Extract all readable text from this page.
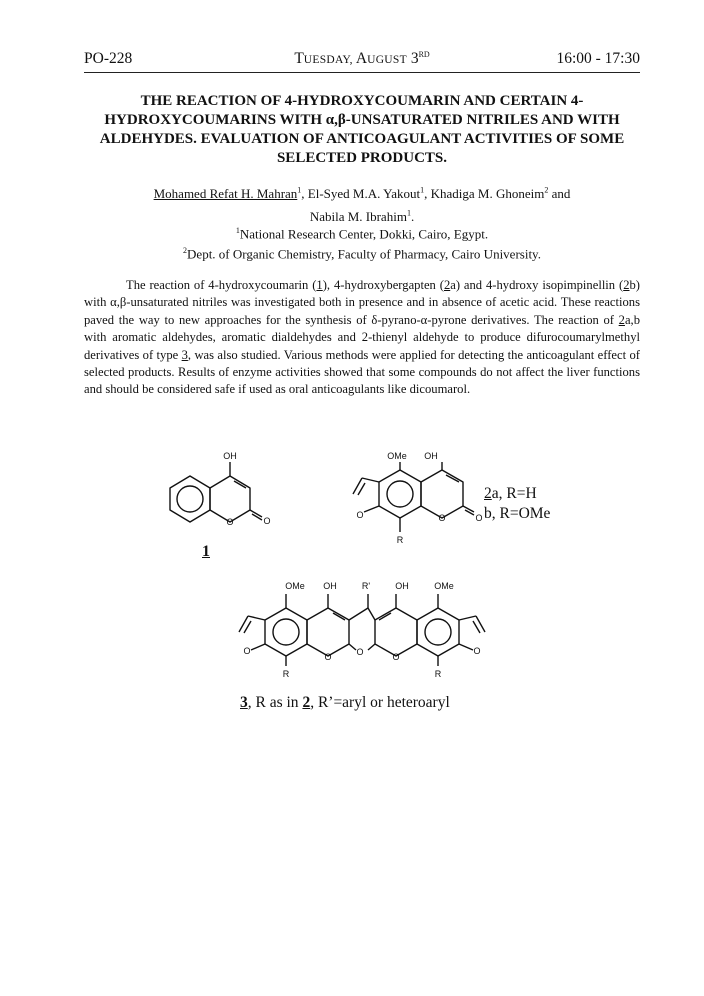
PO-228	TUESDAY, AUGUST 3RD	16:00 - 17:30
THE REACTION OF 4-HYDROXYCOUMARIN AND CERTAIN 4-HYDROXYCOUMARINS WITH α,β-UNSATURATED NITRILES AND WITH ALDEHYDES. EVALUATION OF ANTICOAGULANT ACTIVITIES OF SOME SELECTED PRODUCTS.
Mohamed Refat H. Mahran$^1$, El-Syed M.A. Yakout$^1$, Khadiga M. Ghoneim$^2$ and
Nabila M. Ibrahim$^1$.
$^1$National Research Center, Dokki, Cairo, Egypt.
$^2$Dept. of Organic Chemistry, Faculty of Pharmacy, Cairo University.
The reaction of 4-hydroxycoumarin (1), 4-hydroxybergapten (2a) and 4-hydroxy isopimpinellin (2b) with α,β-unsaturated nitriles was investigated both in presence and in absence of acetic acid. These reactions paved the way to new approaches for the synthesis of δ-pyrano-α-pyrone derivatives. The reaction of 2a,b with aromatic aldehydes, aromatic dialdehydes and 2-thienyl aldehyde to produce difurocoumarylmethyl derivatives of type 3, was also studied. Various methods were applied for detecting the anticoagulant effect of selected products. Results of enzyme activities showed that some compounds do not affect the liver functions and should be considered safe if used as oral anticoagulants like dicoumarol.
OH
O	O
OMe OH
O	O
O
R
OMe OH	R'	OH	OMe
O
O	O	O
O
R	R
1
2a, R=H
b, R=OMe
3, R as in 2, R’=aryl or heteroaryl
